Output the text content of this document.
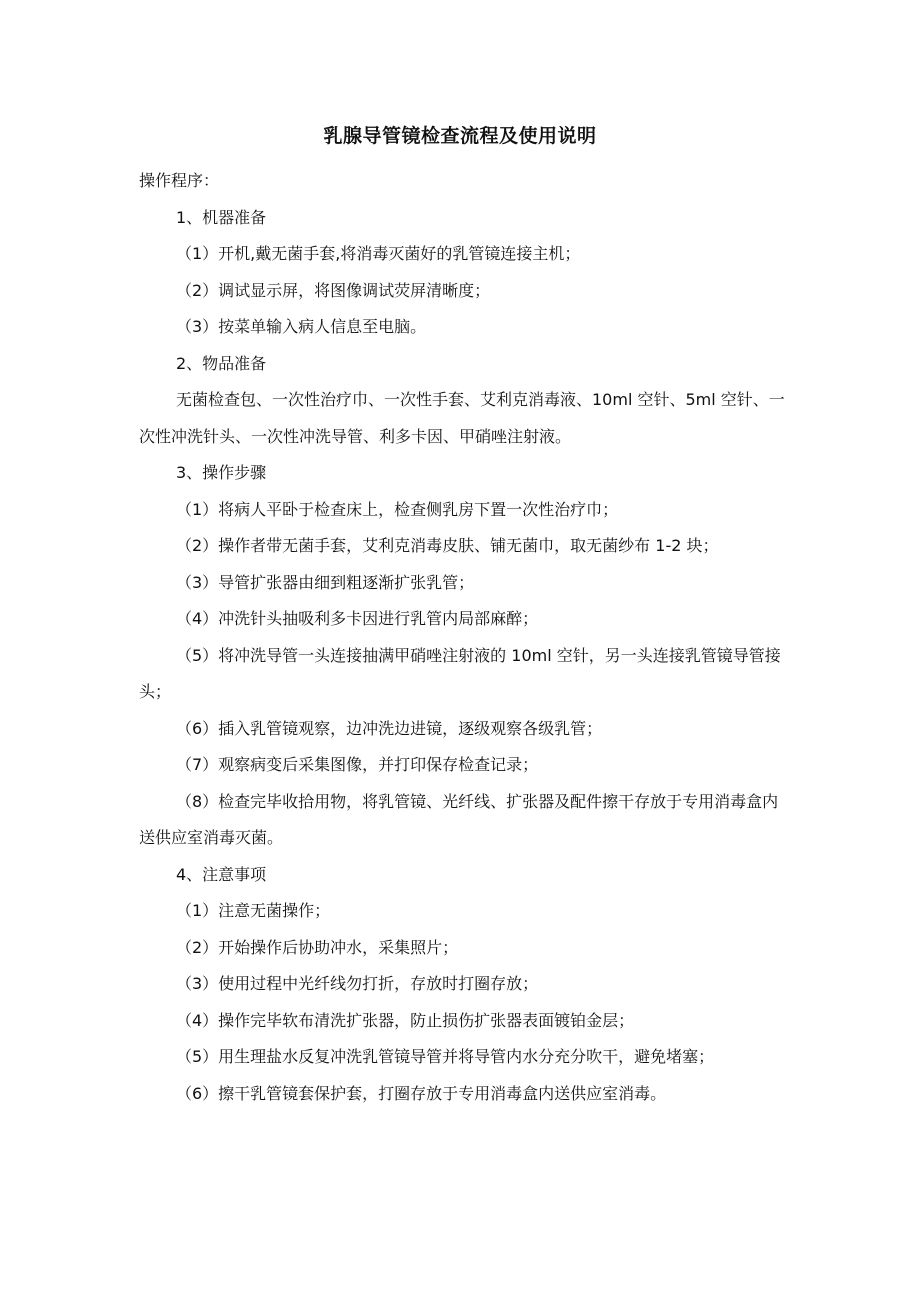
乳腺导管镜检查流程及使用说明

操作程序：

1、机器准备

（1）开机,戴无菌手套,将消毒灭菌好的乳管镜连接主机；

（2）调试显示屏，将图像调试荧屏清晰度；

（3）按菜单输入病人信息至电脑。

2、物品准备

无菌检查包、一次性治疗巾、一次性手套、艾利克消毒液、10ml 空针、5ml 空针、一次性冲洗针头、一次性冲洗导管、利多卡因、甲硝唑注射液。

3、操作步骤

（1）将病人平卧于检查床上，检查侧乳房下置一次性治疗巾；

（2）操作者带无菌手套，艾利克消毒皮肤、铺无菌巾，取无菌纱布 1-2 块；

（3）导管扩张器由细到粗逐渐扩张乳管；

（4）冲洗针头抽吸利多卡因进行乳管内局部麻醉；

（5）将冲洗导管一头连接抽满甲硝唑注射液的 10ml 空针，另一头连接乳管镜导管接头；

（6）插入乳管镜观察，边冲洗边进镜，逐级观察各级乳管；

（7）观察病变后采集图像，并打印保存检查记录；

（8）检查完毕收拾用物，将乳管镜、光纤线、扩张器及配件擦干存放于专用消毒盒内送供应室消毒灭菌。

4、注意事项

（1）注意无菌操作；

（2）开始操作后协助冲水，采集照片；

（3）使用过程中光纤线勿打折，存放时打圈存放；

（4）操作完毕软布清洗扩张器，防止损伤扩张器表面镀铂金层；

（5）用生理盐水反复冲洗乳管镜导管并将导管内水分充分吹干，避免堵塞；

（6）擦干乳管镜套保护套，打圈存放于专用消毒盒内送供应室消毒。
